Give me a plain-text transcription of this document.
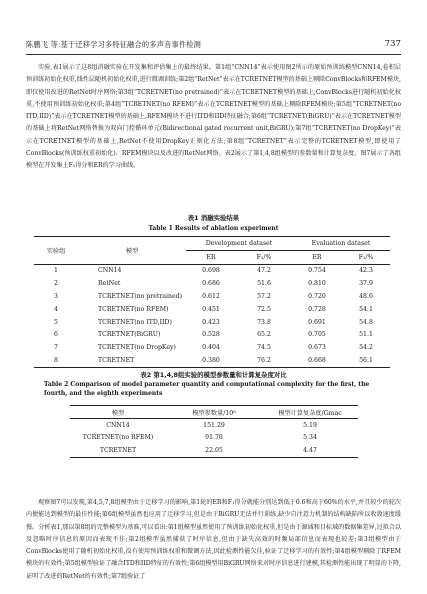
陈鹏飞 等:基于迁移学习多特征融合的多声音事件检测	737
实验,表1展示了这8组消融实验在开发集和评估集上的最终结果。第1组“CNN14”表示使用图2所示的原始预训练模型CNN14,卷积层预训练初始化权重,线性层随机初始化权重,进行微调训练;第2组“RetNet”表示在TCRETNET模型的基础上剔除ConvBlocks和RFEM模块,即仅使用改进的RetNet时序网络;第3组“TCRETNET(no pretrained)”表示在TCRETNET模型的基础上,ConvBlocks进行随机初始化权重,不使用预训练初始化权重;第4组“TCRETNET(no RFEM)”表示在TCRETNET模型的基础上剔除RFEM模块;第5组“TCRETNET(no ITD,IID)”表示在TCRETNET模型的基础上,RFEM模块不进行ITD和IID特征融合;第6组“TCRETNET(BiGRU)”表示在TCRETNET模型的基础上将RetNet网络替换为双向门控循环单元(Bidirectional gated recurrent unit,BiGRU);第7组“TCRETNET(no DropKey)”表示在TCRETNET模型的基础上,RetNet不使用DropKey正则化方法;第8组“TCRETNET”表示完整的TCRETNET模型,即使用了ConvBlocks(预训练权重初始化)、RFEM模块以及改进的RetNet网络。表2展示了第1,4,8组模型的参数量和计算复杂度。图7展示了各组模型在开发集上F₁得分和ER的学习曲线。
表1 消融实验结果
Table 1 Results of ablation experiment
实验组	模型	Development dataset		Evaluation dataset	
		ER	F₁/%	ER	F₁/%
1	CNN14	0.698	47.2	0.754	42.3
2	RetNet	0.686	51.6	0.810	37.9
3	TCRETNET(no pretrained)	0.612	57.2	0.720	48.6
4	TCRETNET(no RFEM)	0.451	72.5	0.728	54.1
5	TCRETNET(no ITD,IID)	0.423	73.8	0.691	54.8
6	TCRETNET(BiGRU)	0.528	65.2	0.705	51.1
7	TCRETNET(no DropKey)	0.404	74.5	0.673	54.2
8	TCRETNET	0.380	76.2	0.668	56.1
表2 第1,4,8组实验的模型参数量和计算复杂度对比
Table 2 Comparison of model parameter quantity and computational complexity for the first, the fourth, and the eighth experiments
模型	模型参数量/10⁶	模型计算复杂度/Gmac
CNN14	151.29	5.19
TCRETNET(no RFEM)	91.78	5.34
TCRETNET	22.05	4.47
观察图7可以发现,第4,5,7,8组模型由于迁移学习的影响,第1轮的ER和F₁得分就能分别达到低于0.6和高于60%的水平,并且较少的轮次内便能达到模型的最佳性能;第6组模型虽然也应用了迁移学习,但是由于BiGRU无法并行训练,缺少自注意力机制的结构缺陷所以收敛速度缓慢。分析表1,那以第8组的完整模型为基准,可以看出:第1组模型虽然使用了预训练初始化权重,但是由于源域和目标域的数据集差异,过拟合以及忽略时序信息的原因而表现不佳;第2组模型虽然捕获了时序信息,但由于缺失高效的时频局部信息而表现也较差;第3组模型由于ConvBlocks使用了随机初始化权重,没有使用预训练权重和微调方法,因此检测性能欠佳,验证了迁移学习的有效性;第4组模型剔除了RFEM模块的有效性;第5组模型验证了融合ITD和IID特征的有效性;第6组模型用BiGRU网络来对时序信息进行建模,其检测性能出现了明显的下降,证明了改进的RetNet的有效性;第7组验证了
